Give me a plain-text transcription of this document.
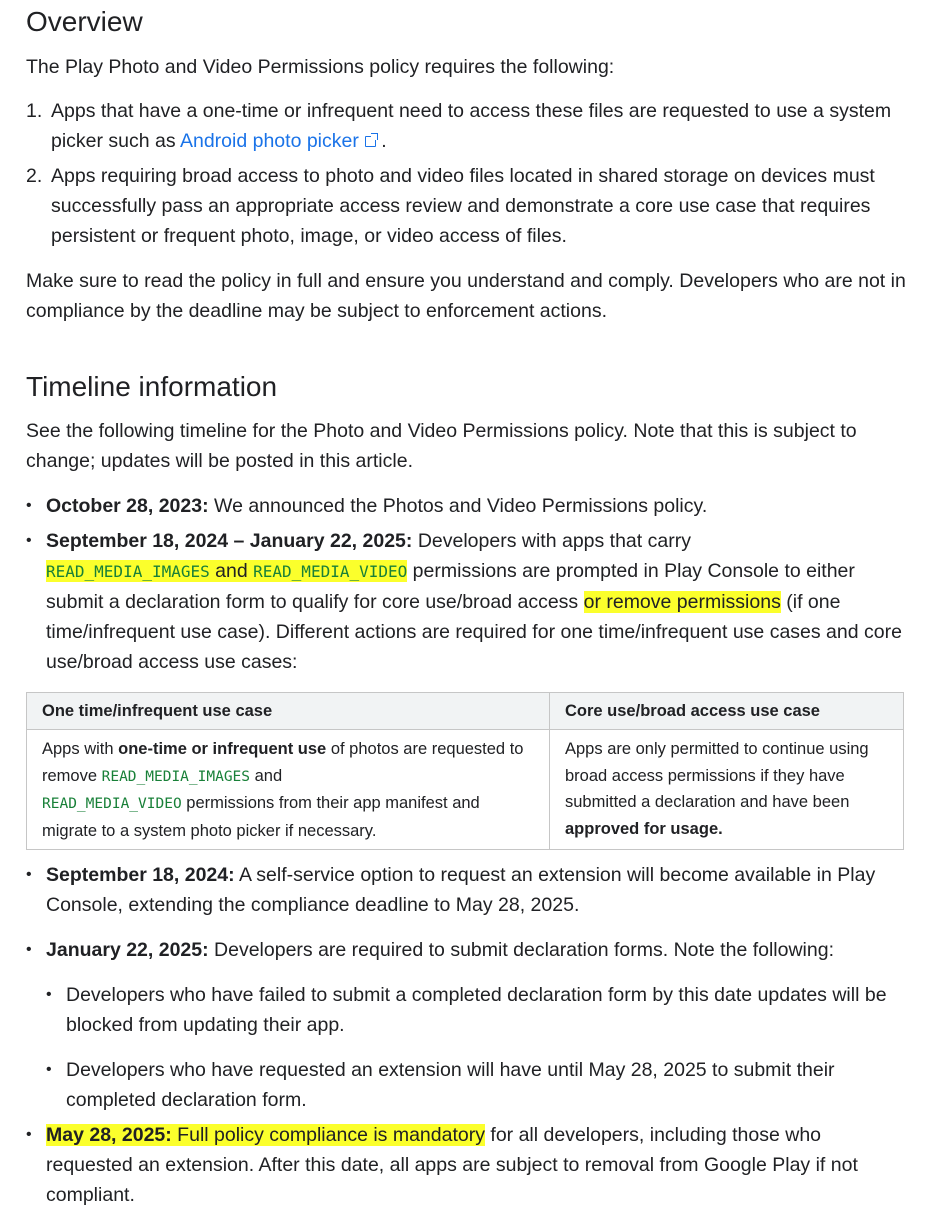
Overview

The Play Photo and Video Permissions policy requires the following:

1. Apps that have a one-time or infrequent need to access these files are requested to use a system picker such as Android photo picker .
2. Apps requiring broad access to photo and video files located in shared storage on devices must successfully pass an appropriate access review and demonstrate a core use case that requires persistent or frequent photo, image, or video access of files.

Make sure to read the policy in full and ensure you understand and comply. Developers who are not in compliance by the deadline may be subject to enforcement actions.

Timeline information

See the following timeline for the Photo and Video Permissions policy. Note that this is subject to change; updates will be posted in this article.

• October 28, 2023: We announced the Photos and Video Permissions policy.
• September 18, 2024 – January 22, 2025: Developers with apps that carry
READ_MEDIA_IMAGES and READ_MEDIA_VIDEO permissions are prompted in Play Console to either submit a declaration form to qualify for core use/broad access or remove permissions (if one time/infrequent use case). Different actions are required for one time/infrequent use cases and core use/broad access use cases:
One time/infrequent use case	Core use/broad access use case
Apps with one-time or infrequent use of photos are requested to remove READ_MEDIA_IMAGES and
READ_MEDIA_VIDEO permissions from their app manifest and migrate to a system photo picker if necessary.	Apps are only permitted to continue using broad access permissions if they have submitted a declaration and have been approved for usage.
• September 18, 2024: A self-service option to request an extension will become available in Play Console, extending the compliance deadline to May 28, 2025.
• January 22, 2025: Developers are required to submit declaration forms. Note the following:
• Developers who have failed to submit a completed declaration form by this date updates will be blocked from updating their app.
• Developers who have requested an extension will have until May 28, 2025 to submit their completed declaration form.
• May 28, 2025: Full policy compliance is mandatory for all developers, including those who requested an extension. After this date, all apps are subject to removal from Google Play if not compliant.
